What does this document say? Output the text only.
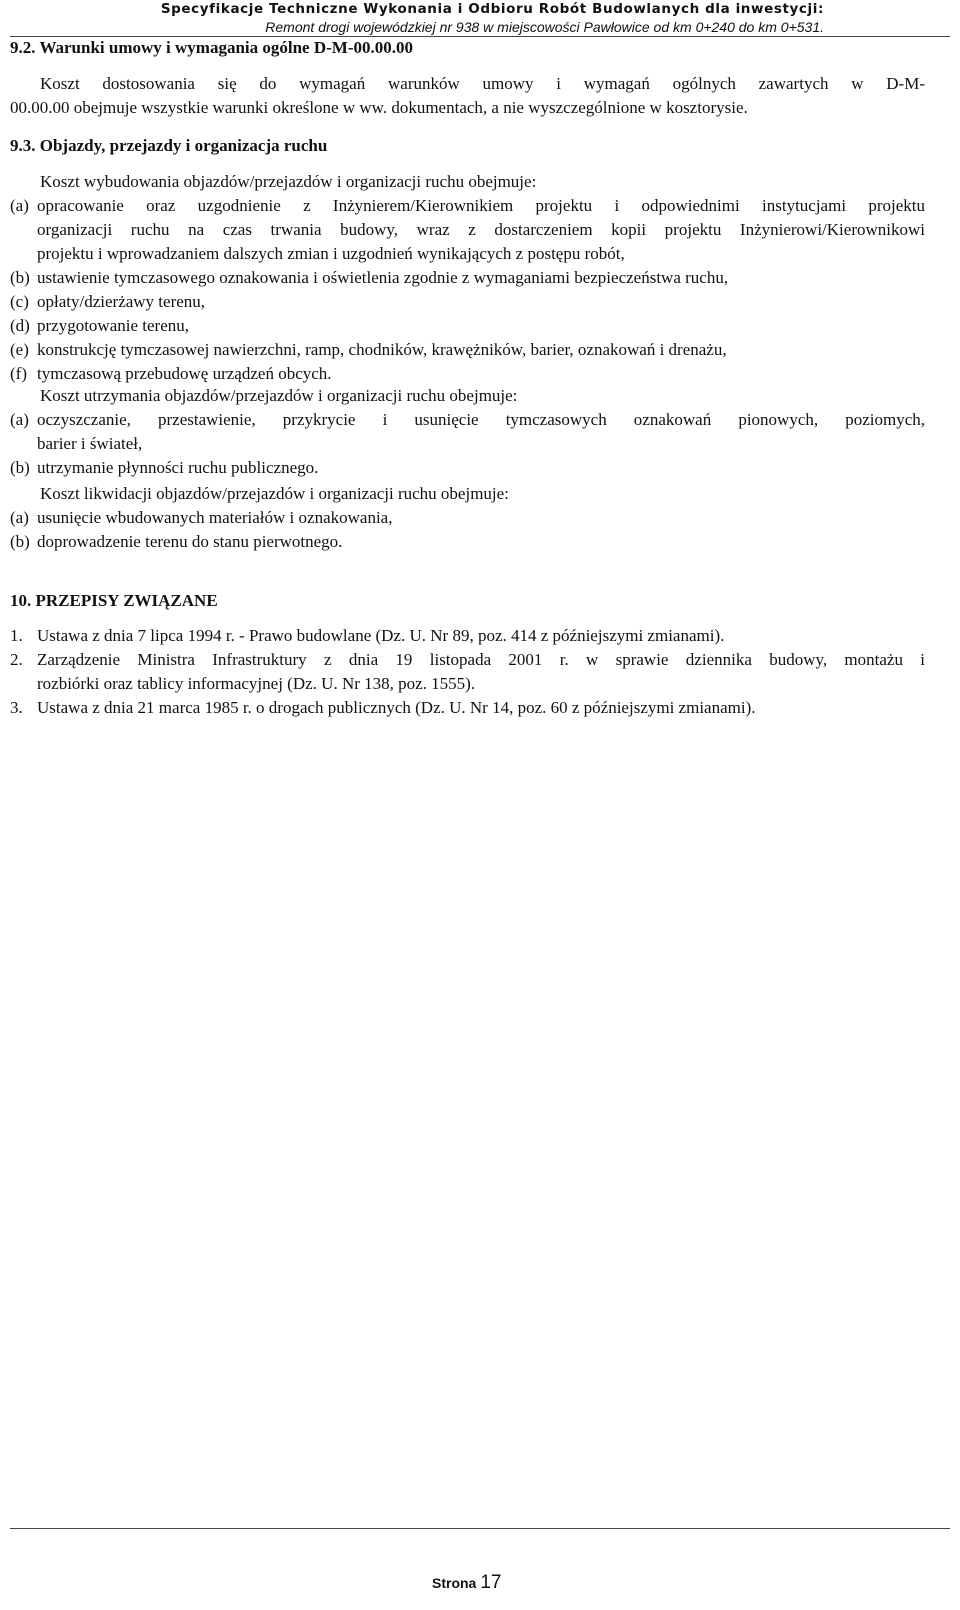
Specyfikacje Techniczne Wykonania i Odbioru Robót Budowlanych dla inwestycji:
Remont drogi wojewódzkiej nr 938 w miejscowości Pawłowice od km 0+240 do km 0+531.
9.2. Warunki umowy i wymagania ogólne D-M-00.00.00
Koszt dostosowania się do wymagań warunków umowy i wymagań ogólnych zawartych w D-M-
00.00.00 obejmuje wszystkie warunki określone w ww. dokumentach, a nie wyszczególnione w kosztorysie.
9.3. Objazdy, przejazdy i organizacja ruchu
Koszt wybudowania objazdów/przejazdów i organizacji ruchu obejmuje:
(a) opracowanie oraz uzgodnienie z Inżynierem/Kierownikiem projektu i odpowiednimi instytucjami projektu
organizacji ruchu na czas trwania budowy, wraz z dostarczeniem kopii projektu Inżynierowi/Kierownikowi
projektu i wprowadzaniem dalszych zmian i uzgodnień wynikających z postępu robót,
(b) ustawienie tymczasowego oznakowania i oświetlenia zgodnie z wymaganiami bezpieczeństwa ruchu,
(c) opłaty/dzierżawy terenu,
(d) przygotowanie terenu,
(e) konstrukcję tymczasowej nawierzchni, ramp, chodników, krawężników, barier, oznakowań i drenażu,
(f) tymczasową przebudowę urządzeń obcych.
Koszt utrzymania objazdów/przejazdów i organizacji ruchu obejmuje:
(a) oczyszczanie, przestawienie, przykrycie i usunięcie tymczasowych oznakowań pionowych, poziomych,
barier i świateł,
(b) utrzymanie płynności ruchu publicznego.
Koszt likwidacji objazdów/przejazdów i organizacji ruchu obejmuje:
(a) usunięcie wbudowanych materiałów i oznakowania,
(b) doprowadzenie terenu do stanu pierwotnego.
10. PRZEPISY ZWIĄZANE
1. Ustawa z dnia 7 lipca 1994 r. - Prawo budowlane (Dz. U. Nr 89, poz. 414 z późniejszymi zmianami).
2. Zarządzenie Ministra Infrastruktury z dnia 19 listopada 2001 r. w sprawie dziennika budowy, montażu i
rozbiórki oraz tablicy informacyjnej (Dz. U. Nr 138, poz. 1555).
3. Ustawa z dnia 21 marca 1985 r. o drogach publicznych (Dz. U. Nr 14, poz. 60 z późniejszymi zmianami).
Strona 17
